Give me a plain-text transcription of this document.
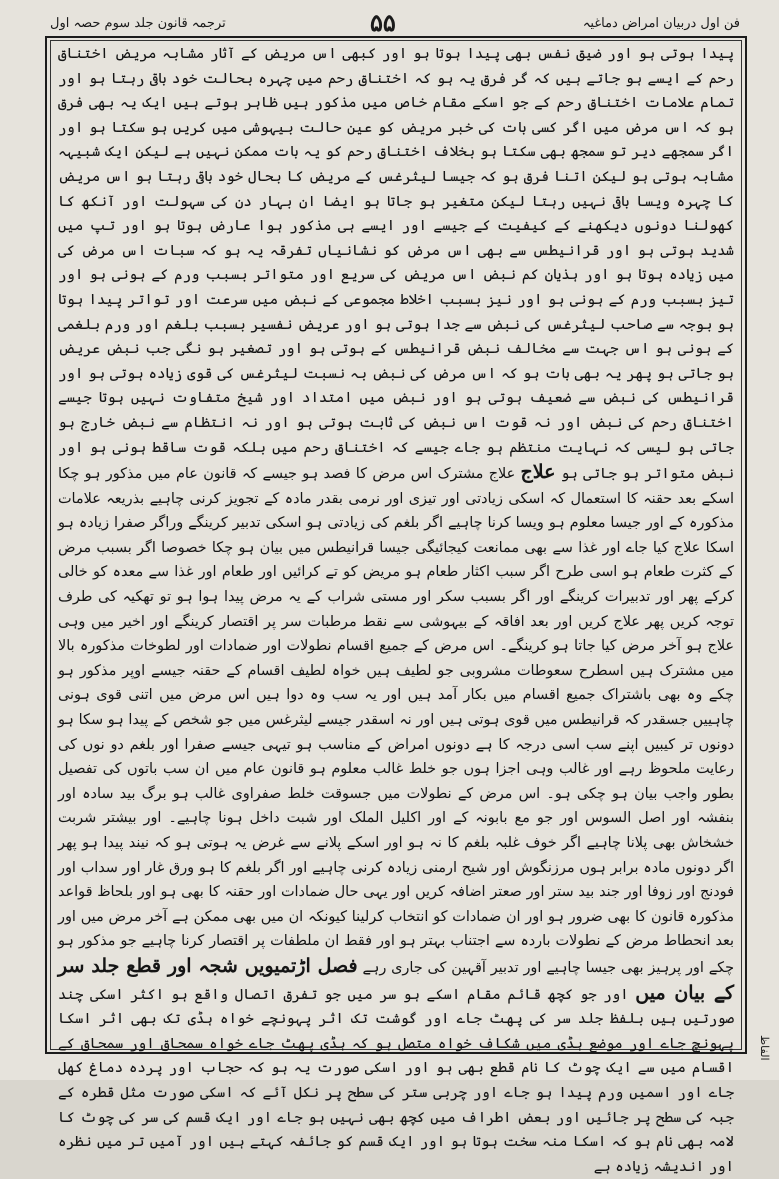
فن اول دربیان امراض دماغیہ
۵۵
ترجمہ قانون جلد سوم حصہ اول
الفاظ

پیدا ہوتی ہو اور ضیق نفس بھی پیدا ہوتا ہو اور کبھی اس مریض کے آثار مشابہ مریض اختناق رحم کے ایسے ہو جاتے ہیں کہ گر فرق یہ ہو کہ اختناق رحم میں چہرہ بحالت خود باقی رہتا ہو اور تمام علامات اختناق رحم کے جو اسکے مقام خاص میں مذکور ہیں ظاہر ہوتے ہیں ایک یہ بھی فرق ہو کہ اس مرض میں اگر کسی بات کی خبر مریض کو عین حالت بیہوشی میں کریں ہو سکتا ہو اور اگر سمجھے دیر تو سمجھ بھی سکتا ہو بخلاف اختناق رحم کو یہ بات ممکن نہیں ہے لیکن ایک شبیہہ مشابہ ہوتی ہو لیکن اتنا فرق ہو کہ جیسا لیثرغس کے مریض کا بحال خود باقی رہتا ہو اس مریض کا چہرہ ویسا باقی نہیں رہتا لیکن متغیر ہو جاتا ہو ایضا ان بہار دن کی سہولت اور آنکھ کا کھولنا دونوں دیکھنے کے کیفیت کے جیسے اور ایسے ہی مذکور ہوا عارض ہوتا ہو اور تپ میں شدید ہوتی ہو اور قرانیطس سے بھی اس مرض کو نشانیاں تفرقہ یہ ہو کہ سبات اس مرض کی میں زیادہ ہوتا ہو اور ہذیان کم نبض اس مریض کی سریع اور متواتر بسبب ورم کے ہونی ہو اور تیز بسبب ورم کے ہونی ہو اور نیز بسبب اخلاط مجموعی کے نبض میں سرعت اور تواتر پیدا ہوتا ہو بوجہ سے صاحب لیثرغس کی نبض سے جدا ہوتی ہو اور عریض نفسیر بسبب بلغم اور ورم بلغمی کے ہونی ہو اس جہت سے مخالف نبض قرانیطس کے ہوتی ہو اور تصغیر ہو نگی جب نبض عریض ہو جاتی ہو پھر یہ بھی بات ہو کہ اس مرض کی نبض بہ نسبت لیثرغس کی قوی زیادہ ہوتی ہو اور قرانیطس کی نبض سے ضعیف ہوتی ہو اور نبض میں امتداد اور شیخ متفاوت نہیں ہوتا جیسے اختناق رحم کی نبض اور نہ قوت اس نبض کی ثابت ہوتی ہو اور نہ انتظام سے نبض خارج ہو جاتی ہو لیسی کہ نہایت منتظم ہو جاے جیسے کہ اختناق رحم میں بلکہ قوت ساقط ہونی ہو اور نبض متواتر ہو جاتی ہو علاج علاج مشترک اس مرض کا فصد ہو جیسے کہ قانون عام میں مذکور ہو چکا اسکے بعد حقنہ کا استعمال کہ اسکی زیادتی اور تیزی اور نرمی بقدر مادہ کے تجویز کرنی چاہیے بذریعہ علامات مذکورہ کے اور جیسا معلوم ہو ویسا کرنا چاہیے اگر بلغم کی زیادتی ہو اسکی تدبیر کرینگے وراگر صفرا زیادہ ہو اسکا علاج کیا جاے اور غذا سے بھی ممانعت کیجائیگی جیسا قرانیطس میں بیان ہو چکا خصوصا اگر بسبب مرض کے کثرت طعام ہو اسی طرح اگر سبب اکثار طعام ہو مریض کو تے کرائیں اور طعام اور غذا سے معدہ کو خالی کرکے پھر اور تدبیرات کرینگے اور اگر بسبب سکر اور مستی شراب کے یہ مرض پیدا ہوا ہو تو تھکیہ کی طرف توجہ کریں پھر علاج کریں اور بعد افاقہ کے بیہوشی سے نقط مرطبات سر پر اقتصار کرینگے اور اخیر میں وہی علاج ہو آخر مرض کیا جاتا ہو کرینگے۔ اس مرض کے جمیع اقسام نطولات اور ضمادات اور لطوخات مذکورہ بالا میں مشترک ہیں اسطرح سعوطات مشروبی جو لطیف ہیں خواہ لطیف اقسام کے حقنہ جیسے اوپر مذکور ہو چکے وہ بھی باشتراک جمیع اقسام میں بکار آمد ہیں اور یہ سب وہ دوا ہیں اس مرض میں اتنی قوی ہونی چاہییں جسقدر کہ قرانیطس میں قوی ہوتی ہیں اور نہ اسقدر جیسے لیثرغس میں جو شخص کے پیدا ہو سکا ہو دونوں تر کیبیں اپنے سب اسی درجہ کا ہے دونوں امراض کے مناسب ہو تیہی جیسے صفرا اور بلغم دو نوں کی رعایت ملحوظ رہے اور غالب وہی اجزا ہوں جو خلط غالب معلوم ہو قانون عام میں ان سب باتوں کی تفصیل بطور واجب بیان ہو چکی ہو۔ اس مرض کے نطولات میں جسوقت خلط صفراوی غالب ہو برگ بید سادہ اور بنفشہ اور اصل السوس اور جو مع بابونہ کے اور اکلیل الملک اور شبت داخل ہونا چاہیے۔ اور بیشتر شربت خشخاش بھی پلانا چاہیے اگر خوف غلبہ بلغم کا نہ ہو اور اسکے پلانے سے غرض یہ ہوتی ہو کہ نیند پیدا ہو پھر اگر دونوں مادہ برابر ہوں مرزنگوش اور شیح ارمنی زیادہ کرنی چاہیے اور اگر بلغم کا ہو ورق غار اور سداب اور فودنج اور زوفا اور جند بید ستر اور صعتر اضافہ کریں اور یہی حال ضمادات اور حقنہ کا بھی ہو اور بلحاظ قواعد مذکورہ قانون کا بھی ضرور ہو اور ان ضمادات کو انتخاب کرلینا کیونکہ ان میں بھی ممکن ہے آخر مرض میں اور بعد انحطاط مرض کے نطولات باردہ سے اجتناب بہتر ہو اور فقط ان ملطفات پر اقتصار کرنا چاہیے جو مذکور ہو چکے اور پرہیز بھی جیسا چاہیے اور تدبیر آقہین کی جاری رہے فصل اڑتمیویں شجہ اور قطع جلد سر کے بیان میں اور جو کچھ قائم مقام اسکے ہو سر میں جو تفرق اتصال واقع ہو اکثر اسکی چند صورتیں ہیں بلفظ جلد سر کی پھٹ جاے اور گوشت تک اثر پہونچے خواہ ہڈی تک بھی اثر اسکا پہونچ جاے اور موضع ہڈی میں شکاف خواہ متصل ہو کہ ہڈی پھٹ جاے خواہ سمحاق اور سمحاق کے اقسام میں سے ایک چوٹ کا نام قطع بھی ہو اور اسکی صورت یہ ہو کہ حجاب اور پردہ دماغ کھل جاے اور اسمیں ورم پیدا ہو جاے اور چربی ستر کی سطح پر نکل آئے کہ اسکی صورت مثل قطرہ کے جبہ کی سطح پر جائیں اور بعض اطراف میں کچھ بھی نہیں ہو جاے اور ایک قسم کی سر کی چوٹ کا لامہ بھی نام ہو کہ اسکا منہ سخت ہوتا ہو اور ایک قسم کو جائفہ کہتے ہیں اور آمیں تر میں نظرہ اور اندیشہ زیادہ ہے
